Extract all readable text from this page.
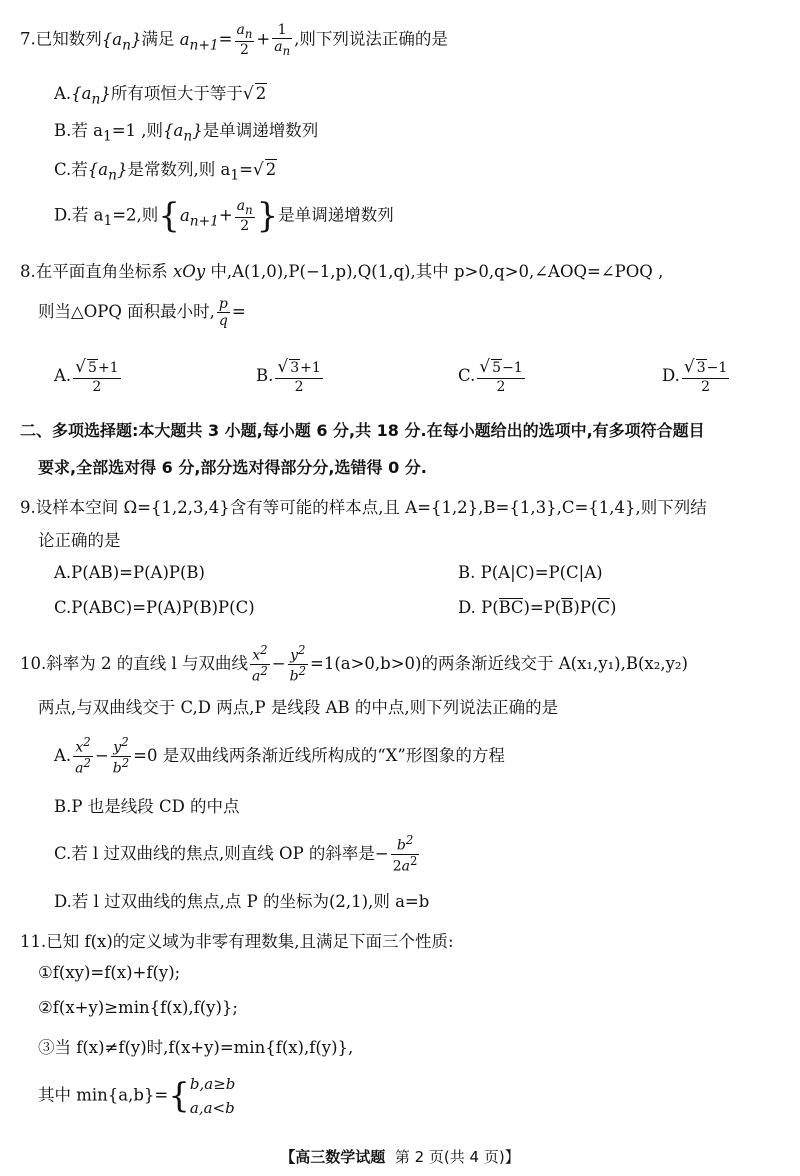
7.已知数列$\{a_n\}$满足 $a_{n+1}= \frac{a_n}{2} + \frac{1}{a_n}$ ,则下列说法正确的是
$A.\{a_n\}$所有项恒大于等于√ 2
B.若 $a_1=1$ ,则$\{a_n\}$是单调递增数列
C.若$\{a_n\}$是常数列,则 $a_1=√$ 2
D.若 $a_1=2$,则{$a_{n+1}+ \frac{a_n}{2}$ }是单调递增数列
8.在平面直角坐标系 xOy 中,A(1,0),P(−1,p),Q(1,q),其中 p>0,q>0,∠AOQ=∠POQ ,
则当△OPQ 面积最小时, $\frac{p}{q}$ =
A. $\frac{√ 5+1}{2}$	B. $\frac{√ 3+1}{2}$	C. $\frac{√ 5-1}{2}$	D. $\frac{√ 3-1}{2}$
二、多项选择题:本大题共 3 小题,每小题 6 分,共 18 分.在每小题给出的选项中,有多项符合题目
要求,全部选对得 6 分,部分选对得部分分,选错得 0 分.
9.设样本空间 Ω={1,2,3,4}含有等可能的样本点,且 A={1,2},B={1,3},C={1,4},则下列结
论正确的是
A.P(AB)=P(A)P(B)	B. P(A|C)=P(C|A)
C.P(ABC)=P(A)P(B)P(C)	D. P(BC)=P(B)P(C)
10.斜率为 2 的直线 l 与双曲线 $\frac{x^2}{a^2} - \frac{y^2}{b^2} =1(a>0,b>0)$的两条渐近线交于 A(x₁,y₁),B(x₂,y₂)
两点,与双曲线交于 C,D 两点,P 是线段 AB 的中点,则下列说法正确的是
A. $\frac{x^2}{a^2} - \frac{y^2}{b^2} =0$ 是双曲线两条渐近线所构成的“X”形图象的方程
B.P 也是线段 CD 的中点
C.若 l 过双曲线的焦点,则直线 OP 的斜率是− $\frac{b^2}{2a^2}$
D.若 l 过双曲线的焦点,点 P 的坐标为(2,1),则 a=b
11.已知 f(x)的定义域为非零有理数集,且满足下面三个性质:
①f(xy)=f(x)+f(y);
②f(x+y)≥min{f(x),f(y)};
③当 f(x)≠f(y)时,f(x+y)=min{f(x),f(y)},
其中 min{a,b}={ b,a≥b
a,a<b
【高三数学试题 第 2 页(共 4 页)】
